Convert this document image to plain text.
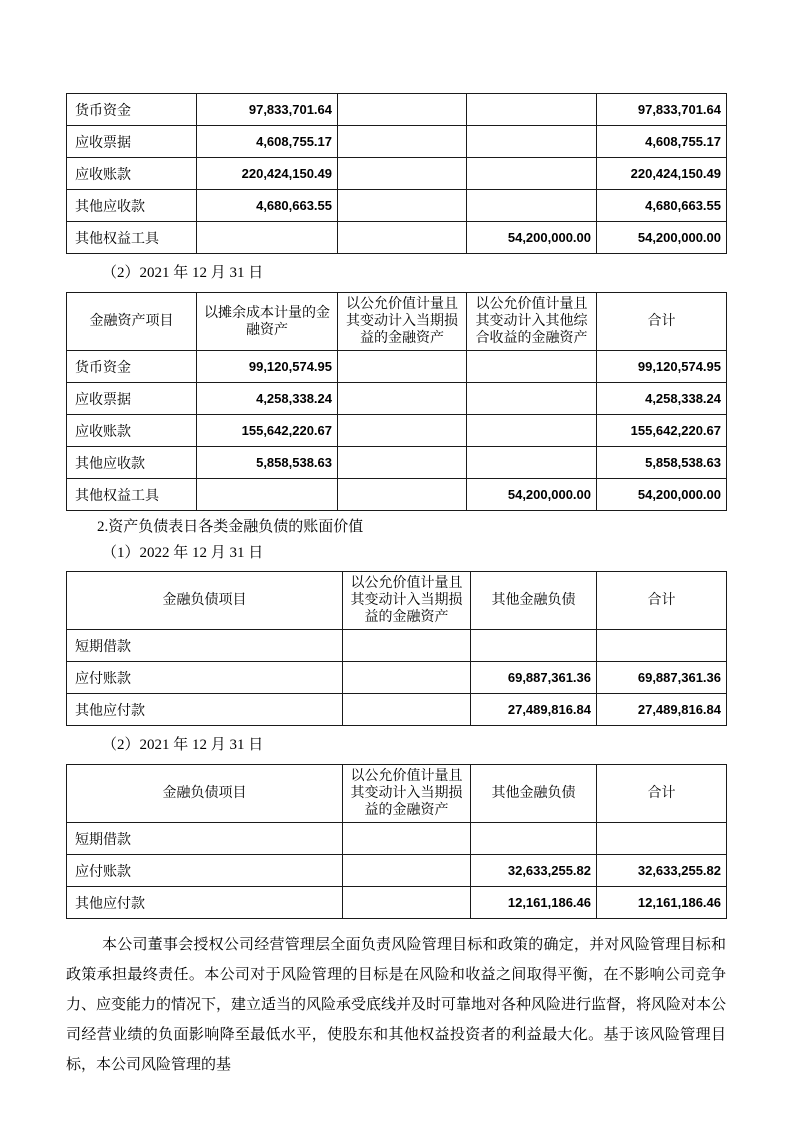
货币资金	97,833,701.64			97,833,701.64
应收票据	4,608,755.17			4,608,755.17
应收账款	220,424,150.49			220,424,150.49
其他应收款	4,680,663.55			4,680,663.55
其他权益工具			54,200,000.00	54,200,000.00
（2）2021 年 12 月 31 日
金融资产项目	以摊余成本计量的金融资产	以公允价值计量且其变动计入当期损益的金融资产	以公允价值计量且其变动计入其他综合收益的金融资产	合计
货币资金	99,120,574.95			99,120,574.95
应收票据	4,258,338.24			4,258,338.24
应收账款	155,642,220.67			155,642,220.67
其他应收款	5,858,538.63			5,858,538.63
其他权益工具			54,200,000.00	54,200,000.00
2.资产负债表日各类金融负债的账面价值
（1）2022 年 12 月 31 日
金融负债项目	以公允价值计量且其变动计入当期损益的金融资产	其他金融负债	合计
短期借款			
应付账款		69,887,361.36	69,887,361.36
其他应付款		27,489,816.84	27,489,816.84
（2）2021 年 12 月 31 日
金融负债项目	以公允价值计量且其变动计入当期损益的金融资产	其他金融负债	合计
短期借款			
应付账款		32,633,255.82	32,633,255.82
其他应付款		12,161,186.46	12,161,186.46

本公司董事会授权公司经营管理层全面负责风险管理目标和政策的确定，并对风险管理目标和政策承担最终责任。本公司对于风险管理的目标是在风险和收益之间取得平衡，在不影响公司竞争力、应变能力的情况下，建立适当的风险承受底线并及时可靠地对各种风险进行监督，将风险对本公司经营业绩的负面影响降至最低水平，使股东和其他权益投资者的利益最大化。基于该风险管理目标，本公司风险管理的基
